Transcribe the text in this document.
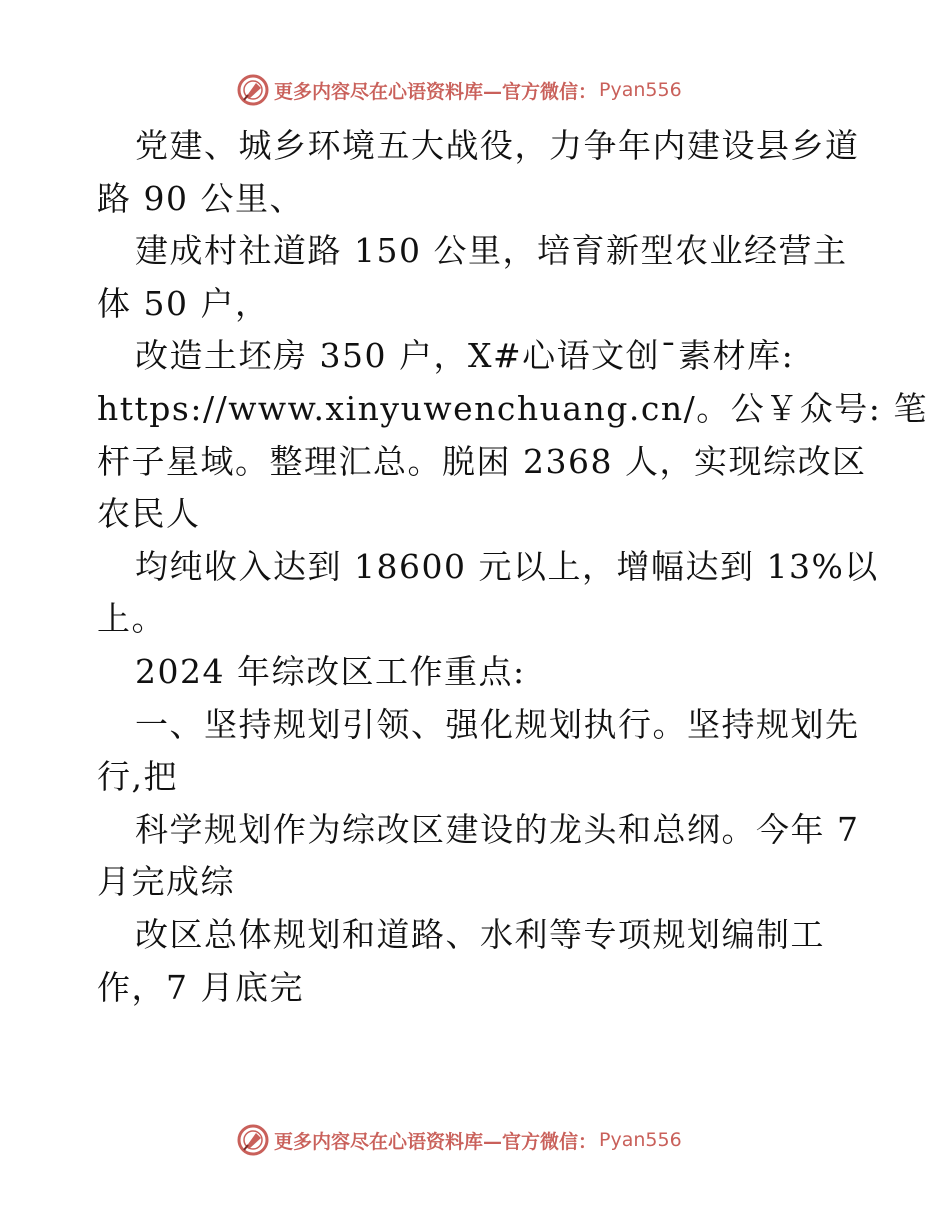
更多内容尽在心语资料库—官方微信： Pyan556
党建、城乡环境五大战役，力争年内建设县乡道
路 90 公里、
建成村社道路 150 公里，培育新型农业经营主
体 50 户，
改造土坯房 350 户，X#心语文创¯素材库:
https://www.xinyuwenchuang.cn/。公￥众号: 笔
杆子星域。整理汇总。脱困 2368 人，实现综改区
农民人
均纯收入达到 18600 元以上，增幅达到 13%以
上。
2024 年综改区工作重点:
一、坚持规划引领、强化规划执行。坚持规划先
行,把
科学规划作为综改区建设的龙头和总纲。今年 7
月完成综
改区总体规划和道路、水利等专项规划编制工
作，7 月底完
更多内容尽在心语资料库—官方微信： Pyan556
